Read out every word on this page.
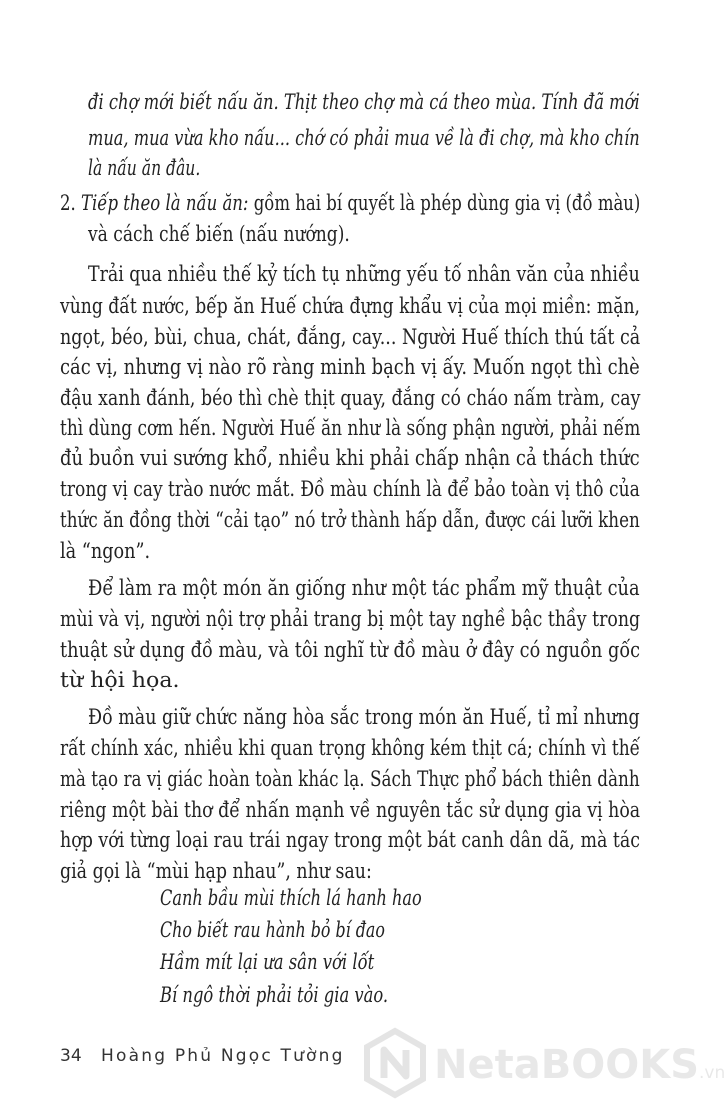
đi chợ mới biết nấu ăn. Thịt theo chợ mà cá theo mùa. Tính đã mới
mua, mua vừa kho nấu... chớ có phải mua về là đi chợ, mà kho chín
là nấu ăn đâu.
2. Tiếp theo là nấu ăn: gồm hai bí quyết là phép dùng gia vị (đồ màu)
và cách chế biến (nấu nướng).
Trải qua nhiều thế kỷ tích tụ những yếu tố nhân văn của nhiều
vùng đất nước, bếp ăn Huế chứa đựng khẩu vị của mọi miền: mặn,
ngọt, béo, bùi, chua, chát, đắng, cay... Người Huế thích thú tất cả
các vị, nhưng vị nào rõ ràng minh bạch vị ấy. Muốn ngọt thì chè
đậu xanh đánh, béo thì chè thịt quay, đắng có cháo nấm tràm, cay
thì dùng cơm hến. Người Huế ăn như là sống phận người, phải nếm
đủ buồn vui sướng khổ, nhiều khi phải chấp nhận cả thách thức
trong vị cay trào nước mắt. Đồ màu chính là để bảo toàn vị thô của
thức ăn đồng thời “cải tạo” nó trở thành hấp dẫn, được cái lưỡi khen
là “ngon”.
Để làm ra một món ăn giống như một tác phẩm mỹ thuật của
mùi và vị, người nội trợ phải trang bị một tay nghề bậc thầy trong
thuật sử dụng đồ màu, và tôi nghĩ từ đồ màu ở đây có nguồn gốc
từ hội họa.
Đồ màu giữ chức năng hòa sắc trong món ăn Huế, tỉ mỉ nhưng
rất chính xác, nhiều khi quan trọng không kém thịt cá; chính vì thế
mà tạo ra vị giác hoàn toàn khác lạ. Sách Thực phổ bách thiên dành
riêng một bài thơ để nhấn mạnh về nguyên tắc sử dụng gia vị hòa
hợp với từng loại rau trái ngay trong một bát canh dân dã, mà tác
giả gọi là “mùi hạp nhau”, như sau:
Canh bầu mùi thích lá hanh hao
Cho biết rau hành bỏ bí đao
Hầm mít lại ưa sân với lốt
Bí ngô thời phải tỏi gia vào.
34 Hoàng Phủ Ngọc Tường NetaBOOKS.vn
